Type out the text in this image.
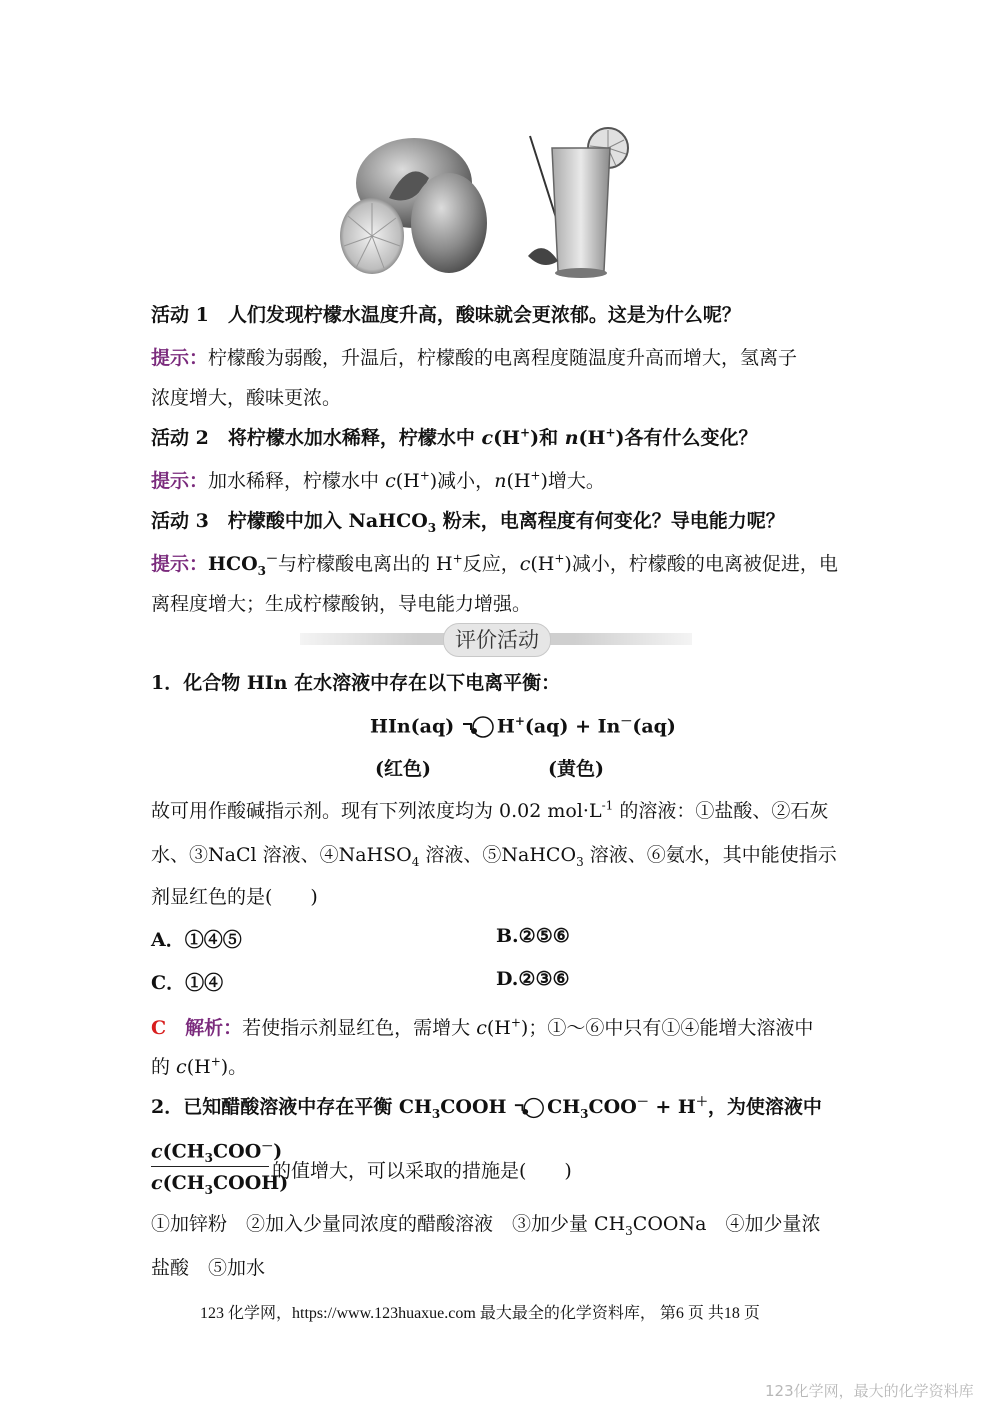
活动 1　 人们发现柠檬水温度升高，酸味就会更浓郁。这是为什么呢？
提示：柠檬酸为弱酸，升温后，柠檬酸的电离程度随温度升高而增大，氢离子
浓度增大，酸味更浓。
活动 2　 将柠檬水加水稀释，柠檬水中 c(H+)和 n(H+)各有什么变化？
提示：加水稀释，柠檬水中 c(H+)减小，n(H+)增大。
活动 3　 柠檬酸中加入 NaHCO$_3$ 粉末，电离程度有何变化？导电能力呢？
提示：$HCO_3^-$与柠檬酸电离出的 H+反应，c(H+)减小，柠檬酸的电离被促进，电
离程度增大；生成柠檬酸钠，导电能力增强。
评价活动
1．化合物 HIn 在水溶液中存在以下电离平衡：
HIn(aq) H+(aq) + In－(aq)
(红色)	(黄色)
故可用作酸碱指示剂。现有下列浓度均为 0.02 $mol\cdot L^{-1}$ 的溶液：①盐酸、②石灰
水、③NaCl 溶液、④NaHSO$_4$ 溶液、⑤NaHCO$_3$ 溶液、⑥氨水，其中能使指示
剂显红色的是(　　)
A．①④⑤	B.②⑤⑥
C．①④	D.②③⑥
C　 解析：若使指示剂显红色，需增大 c(H+)；①～⑥中只有①④能增大溶液中
的 c(H+)。
2．已知醋酸溶液中存在平衡 $CH_3COOH$ $CH_3COO^- + H^+$，为使溶液中
$c(CH_3COO^-)$
$c(CH_3COOH)$
的值增大，可以采取的措施是(　　)
①加锌粉　②加入少量同浓度的醋酸溶液　③加少量 $CH_3COONa$　④加少量浓
盐酸　⑤加水
123 化学网，https://www.123huaxue.com 最大最全的化学资料库， 第6 页 共18 页
123化学网，最大的化学资料库
